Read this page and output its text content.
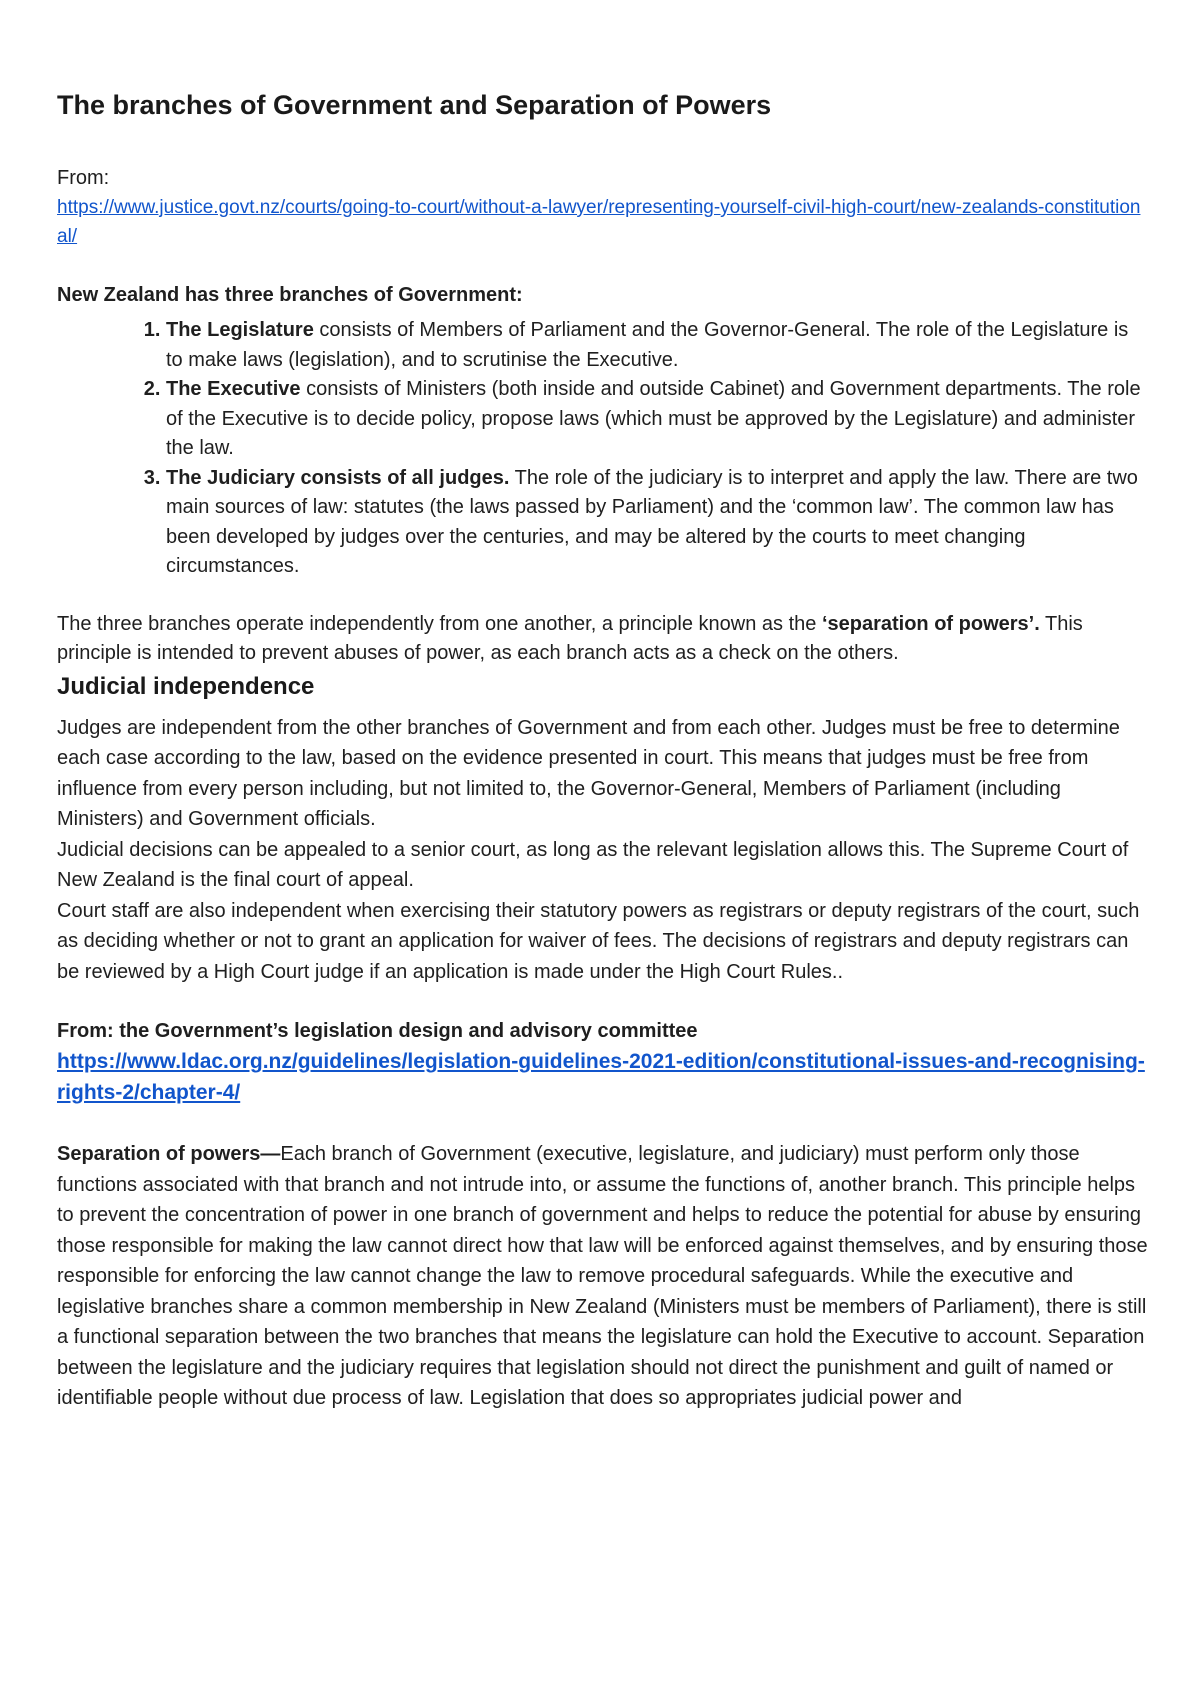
The branches of Government and Separation of Powers

From:

https://www.justice.govt.nz/courts/going-to-court/without-a-lawyer/representing-yourself-civil-high-court/new-zealands-constitutional/

New Zealand has three branches of Government:

1. The Legislature consists of Members of Parliament and the Governor-General. The role of the Legislature is to make laws (legislation), and to scrutinise the Executive.
2. The Executive consists of Ministers (both inside and outside Cabinet) and Government departments. The role of the Executive is to decide policy, propose laws (which must be approved by the Legislature) and administer the law.
3. The Judiciary consists of all judges. The role of the judiciary is to interpret and apply the law. There are two main sources of law: statutes (the laws passed by Parliament) and the ‘common law’. The common law has been developed by judges over the centuries, and may be altered by the courts to meet changing circumstances.

The three branches operate independently from one another, a principle known as the ‘separation of powers’. This principle is intended to prevent abuses of power, as each branch acts as a check on the others.

Judicial independence

Judges are independent from the other branches of Government and from each other. Judges must be free to determine each case according to the law, based on the evidence presented in court. This means that judges must be free from influence from every person including, but not limited to, the Governor-General, Members of Parliament (including Ministers) and Government officials.

Judicial decisions can be appealed to a senior court, as long as the relevant legislation allows this. The Supreme Court of New Zealand is the final court of appeal.

Court staff are also independent when exercising their statutory powers as registrars or deputy registrars of the court, such as deciding whether or not to grant an application for waiver of fees. The decisions of registrars and deputy registrars can be reviewed by a High Court judge if an application is made under the High Court Rules..

From: the Government’s legislation design and advisory committee

https://www.ldac.org.nz/guidelines/legislation-guidelines-2021-edition/constitutional-issues-and-recognising-rights-2/chapter-4/

Separation of powers—Each branch of Government (executive, legislature, and judiciary) must perform only those functions associated with that branch and not intrude into, or assume the functions of, another branch. This principle helps to prevent the concentration of power in one branch of government and helps to reduce the potential for abuse by ensuring those responsible for making the law cannot direct how that law will be enforced against themselves, and by ensuring those responsible for enforcing the law cannot change the law to remove procedural safeguards. While the executive and legislative branches share a common membership in New Zealand (Ministers must be members of Parliament), there is still a functional separation between the two branches that means the legislature can hold the Executive to account. Separation between the legislature and the judiciary requires that legislation should not direct the punishment and guilt of named or identifiable people without due process of law. Legislation that does so appropriates judicial power and
